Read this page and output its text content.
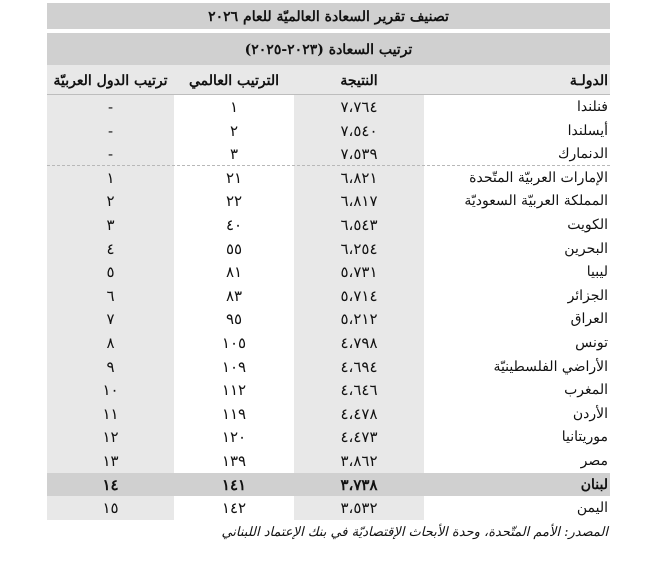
تصنيف تقرير السعادة العالميّة للعام ٢٠٢٦
ترتيب السعادة (٢٠٢٣-٢٠٢٥)
الدولـة
النتيجة
الترتيب العالمي
ترتيب الدول العربيّة
فنلندا
٧،٧٦٤
١
-
أيسلندا
٧،٥٤٠
٢
-
الدنمارك
٧،٥٣٩
٣
-
الإمارات العربيّة المتّحدة
٦،٨٢١
٢١
١
المملكة العربيّة السعوديّة
٦،٨١٧
٢٢
٢
الكويت
٦،٥٤٣
٤٠
٣
البحرين
٦،٢٥٤
٥٥
٤
ليبيا
٥،٧٣١
٨١
٥
الجزائر
٥،٧١٤
٨٣
٦
العراق
٥،٢١٢
٩٥
٧
تونس
٤،٧٩٨
١٠٥
٨
الأراضي الفلسطينيّة
٤،٦٩٤
١٠٩
٩
المغرب
٤،٦٤٦
١١٢
١٠
الأردن
٤،٤٧٨
١١٩
١١
موريتانيا
٤،٤٧٣
١٢٠
١٢
مصر
٣،٨٦٢
١٣٩
١٣
لبنان
٣،٧٣٨
١٤١
١٤
اليمن
٣،٥٣٢
١٤٢
١٥
المصدر: الأمم المتّحدة، وحدة الأبحاث الإقتصاديّة في بنك الإعتماد اللبناني
